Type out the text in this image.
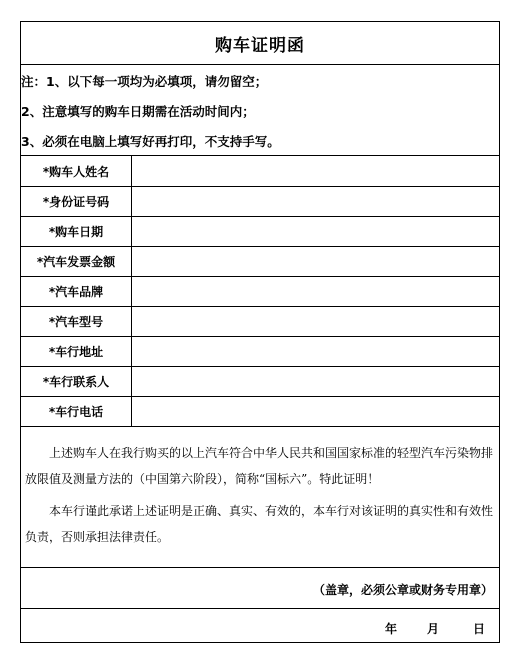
购车证明函
注：1、以下每一项均为必填项，请勿留空；
2、注意填写的购车日期需在活动时间内；
3、必须在电脑上填写好再打印，不支持手写。
*购车人姓名
*身份证号码
*购车日期
*汽车发票金额
*汽车品牌
*汽车型号
*车行地址
*车行联系人
*车行电话

上述购车人在我行购买的以上汽车符合中华人民共和国国家标准的轻型汽车污染物排放限值及测量方法的（中国第六阶段），简称“国标六”。特此证明！

本车行谨此承诺上述证明是正确、真实、有效的，本车行对该证明的真实性和有效性负责，否则承担法律责任。

（盖章，必须公章或财务专用章）
年 月	日
